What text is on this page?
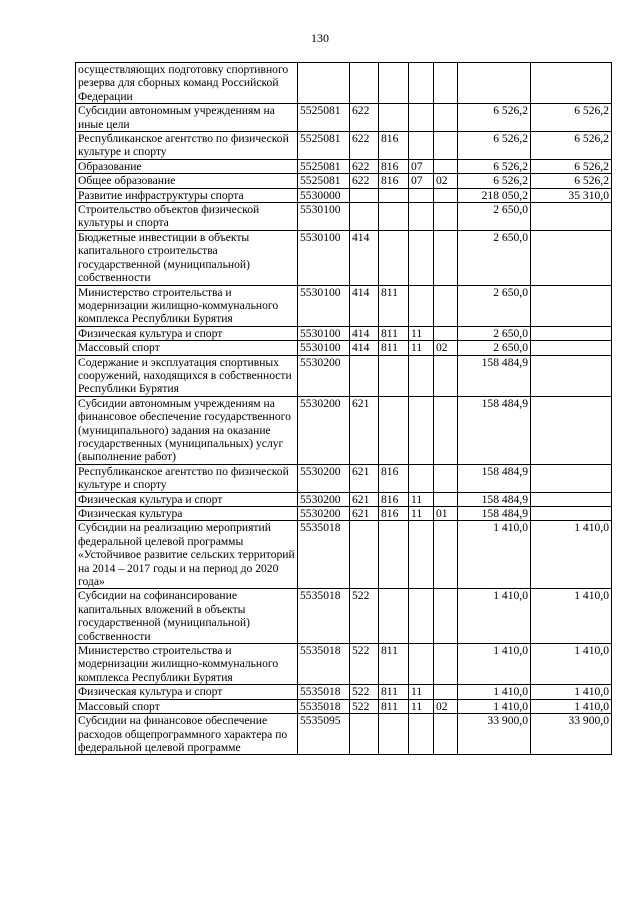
130
осуществляющих подготовку спортивного резерва для сборных команд Российской Федерации							
Субсидии автономным учреждениям на иные цели	5525081	622				6 526,2	6 526,2
Республиканское агентство по физической культуре и спорту	5525081	622	816			6 526,2	6 526,2
Образование	5525081	622	816	07		6 526,2	6 526,2
Общее образование	5525081	622	816	07	02	6 526,2	6 526,2
Развитие инфраструктуры спорта	5530000					218 050,2	35 310,0
Строительство объектов физической культуры и спорта	5530100					2 650,0	
Бюджетные инвестиции в объекты капитального строительства государственной (муниципальной) собственности	5530100	414				2 650,0	
Министерство строительства и модернизации жилищно-коммунального комплекса Республики Бурятия	5530100	414	811			2 650,0	
Физическая культура и спорт	5530100	414	811	11		2 650,0	
Массовый спорт	5530100	414	811	11	02	2 650,0	
Содержание и эксплуатация спортивных сооружений, находящихся в собственности Республики Бурятия	5530200					158 484,9	
Субсидии автономным учреждениям на финансовое обеспечение государственного (муниципального) задания на оказание государственных (муниципальных) услуг (выполнение работ)	5530200	621				158 484,9	
Республиканское агентство по физической культуре и спорту	5530200	621	816			158 484,9	
Физическая культура и спорт	5530200	621	816	11		158 484,9	
Физическая культура	5530200	621	816	11	01	158 484,9	
Субсидии на реализацию мероприятий федеральной целевой программы «Устойчивое развитие сельских территорий на 2014 – 2017 годы и на период до 2020 года»	5535018					1 410,0	1 410,0
Субсидии на софинансирование капитальных вложений в объекты государственной (муниципальной) собственности	5535018	522				1 410,0	1 410,0
Министерство строительства и модернизации жилищно-коммунального комплекса Республики Бурятия	5535018	522	811			1 410,0	1 410,0
Физическая культура и спорт	5535018	522	811	11		1 410,0	1 410,0
Массовый спорт	5535018	522	811	11	02	1 410,0	1 410,0
Субсидии на финансовое обеспечение расходов общепрограммного характера по федеральной целевой программе	5535095					33 900,0	33 900,0
